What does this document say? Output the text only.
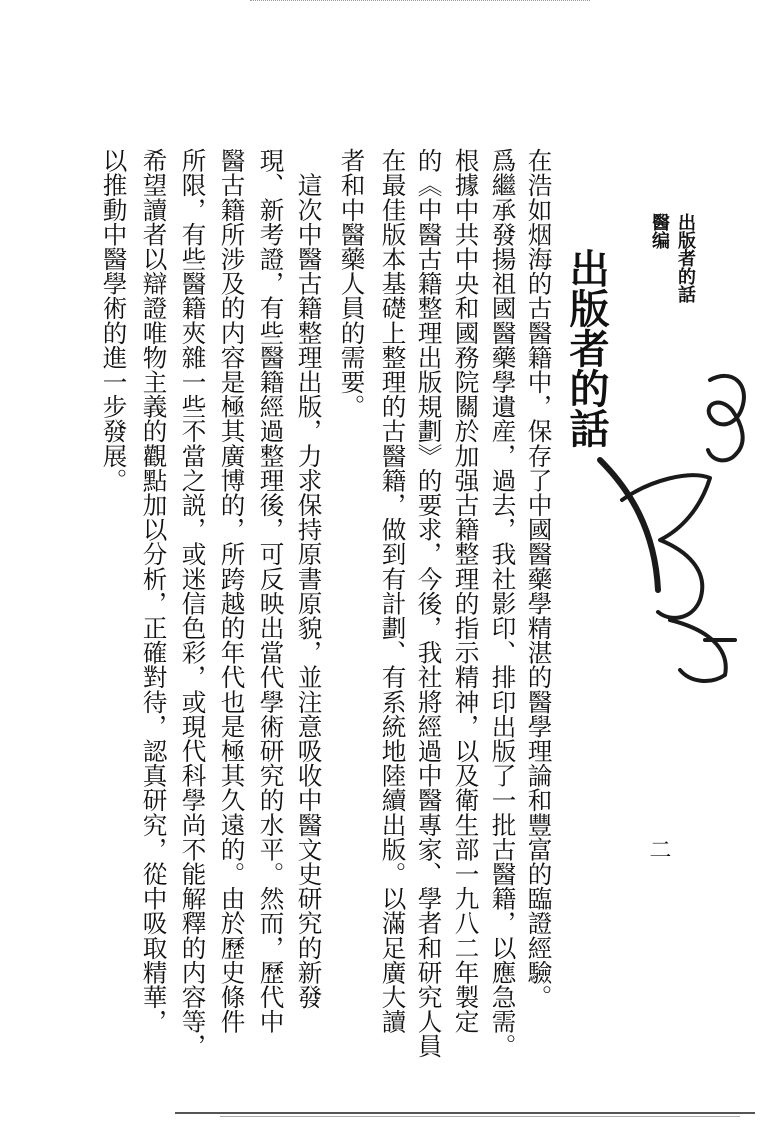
醫编 出版者的話
出版者的話
二
在浩如烟海的古醫籍中，保存了中國醫藥學精湛的醫學理論和豐富的臨證經驗。
爲繼承發揚祖國醫藥學遺産，過去，我社影印、排印出版了一批古醫籍，以應急需。
根據中共中央和國務院關於加强古籍整理的指示精神，以及衛生部一九八二年製定
的《中醫古籍整理出版規劃》的要求，今後，我社將經過中醫專家、學者和研究人員
在最佳版本基礎上整理的古醫籍，做到有計劃、有系統地陸續出版。以滿足廣大讀
者和中醫藥人員的需要。
　這次中醫古籍整理出版，力求保持原書原貌，並注意吸收中醫文史研究的新發
現、新考證，有些醫籍經過整理後，可反映出當代學術研究的水平。然而，歷代中
醫古籍所涉及的内容是極其廣博的，所跨越的年代也是極其久遠的。由於歷史條件
所限，有些醫籍夾雜一些不當之説，或迷信色彩，或現代科學尚不能解釋的内容等，
希望讀者以辯證唯物主義的觀點加以分析，正確對待，認真研究，從中吸取精華，
以推動中醫學術的進一步發展。
